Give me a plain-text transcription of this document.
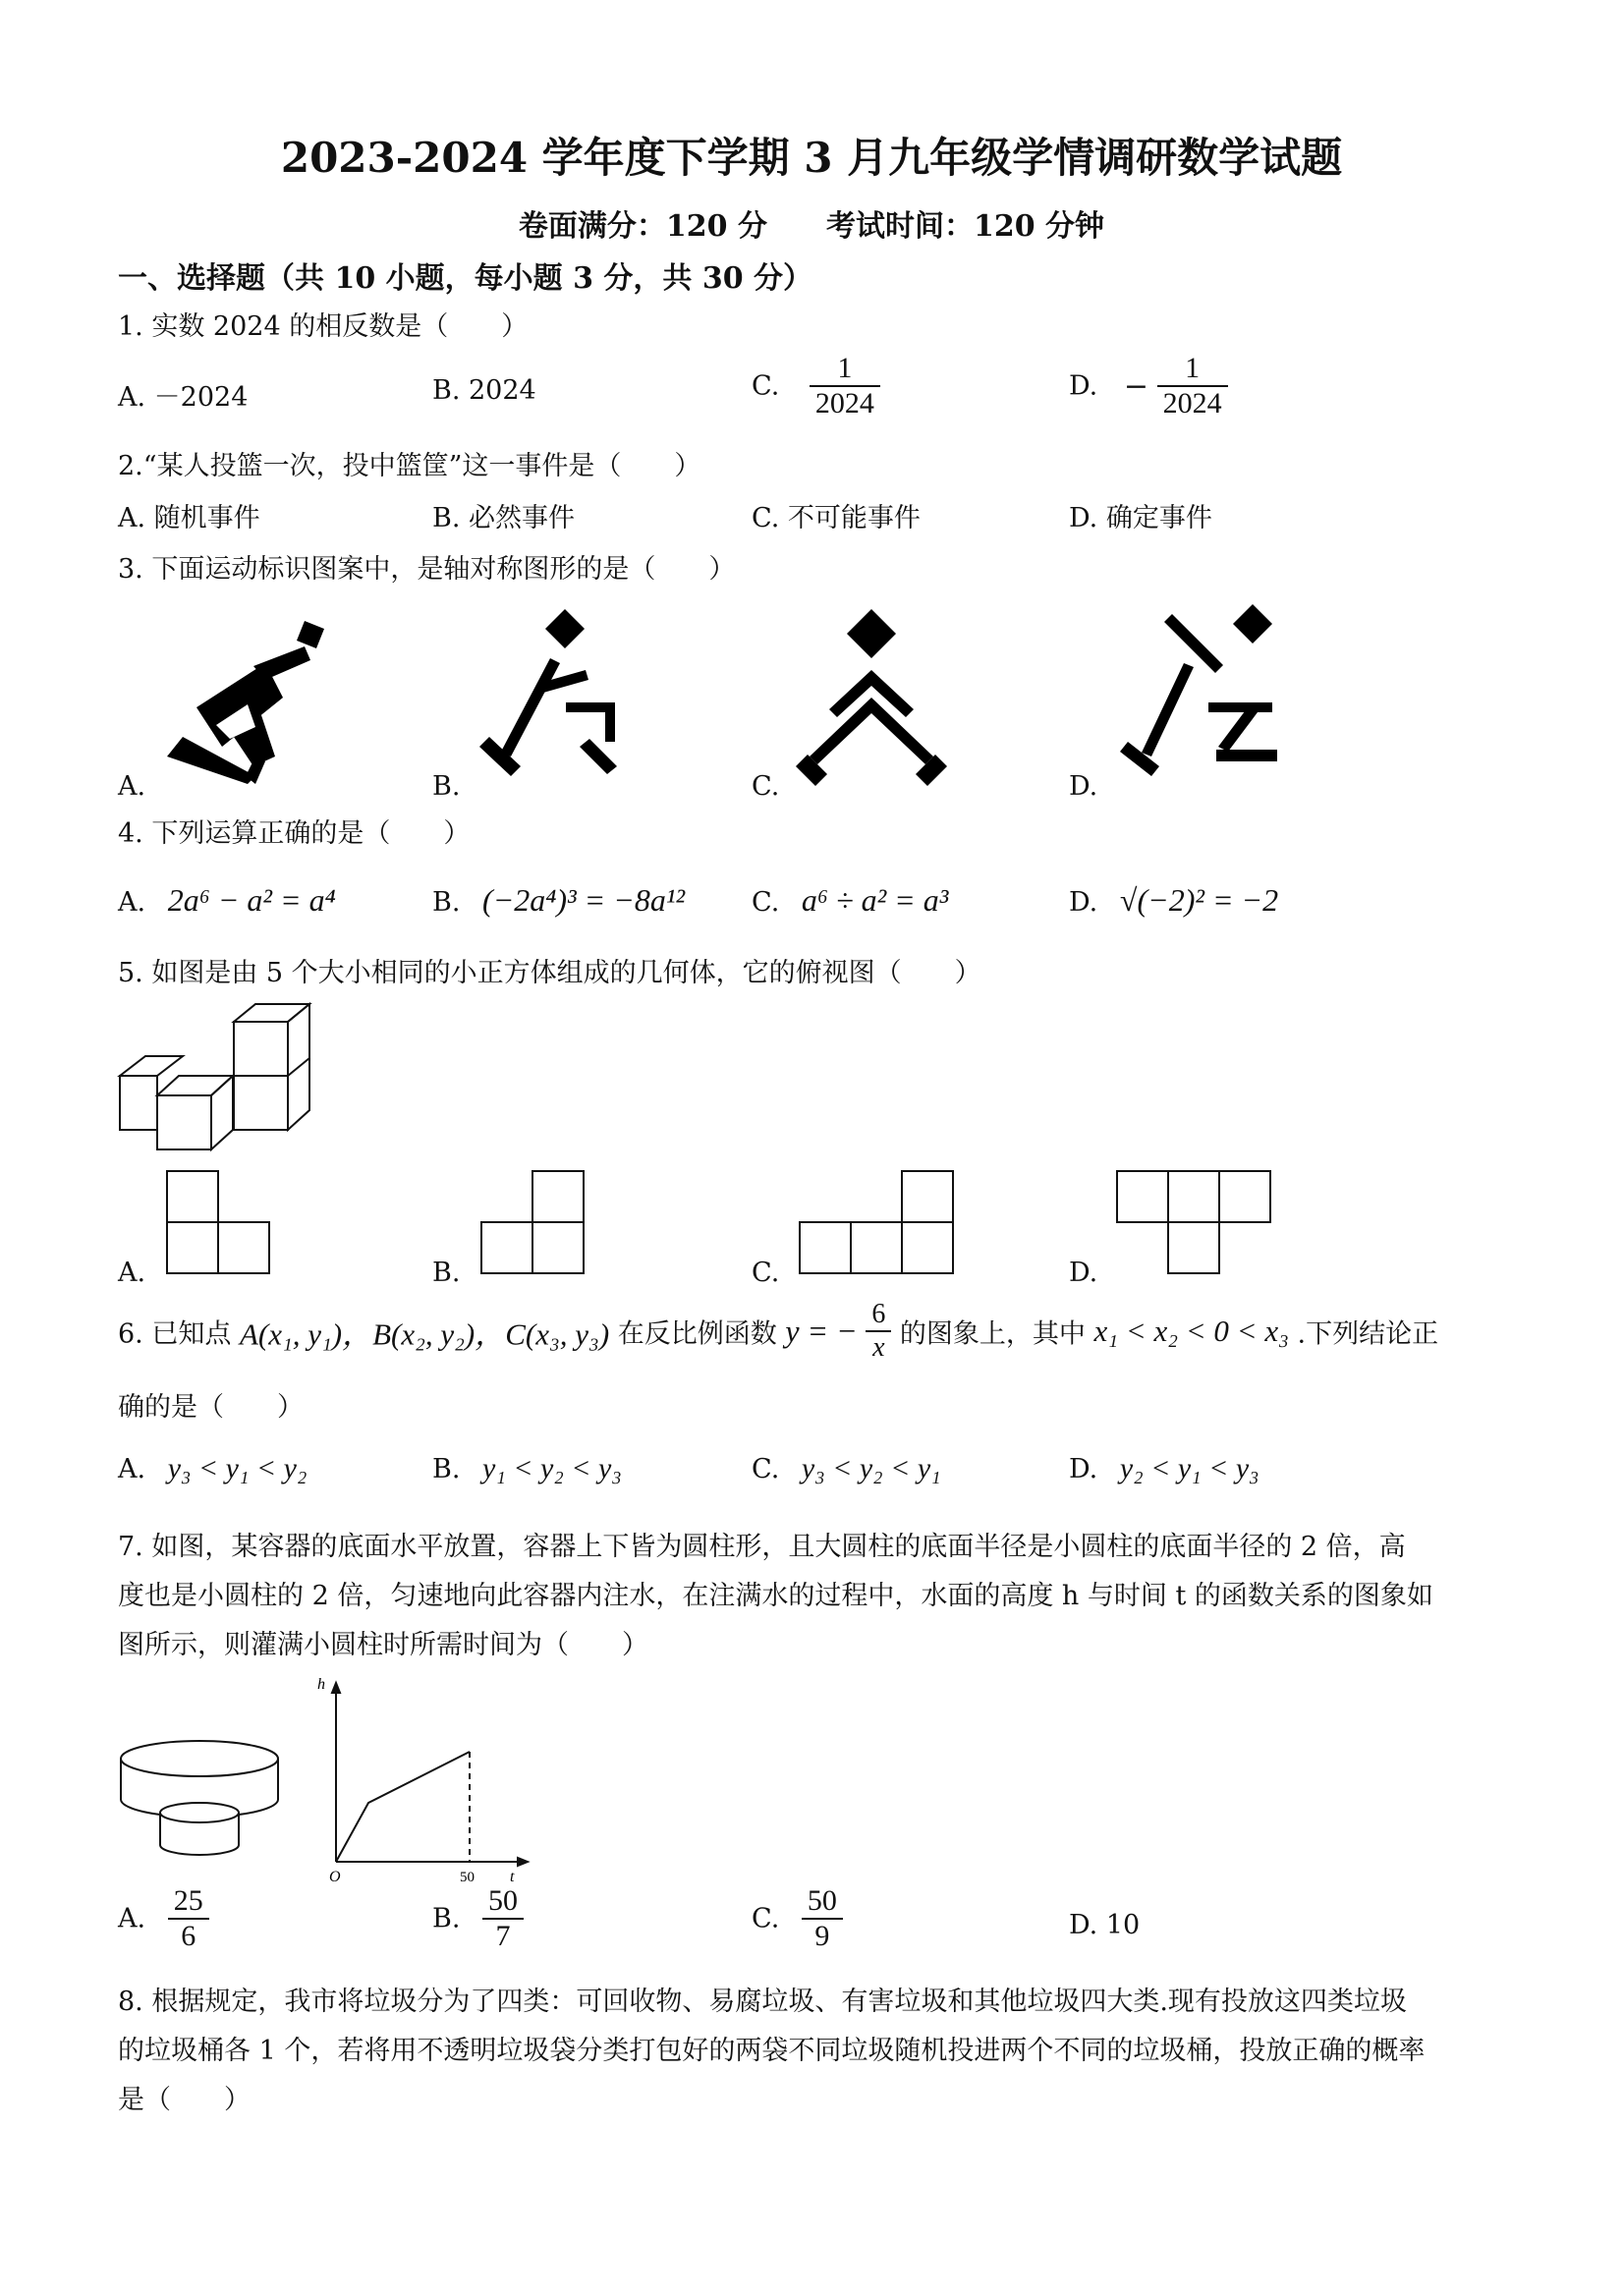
2023-2024 学年度下学期 3 月九年级学情调研数学试题
卷面满分：120 分　　考试时间：120 分钟
一、选择题（共 10 小题，每小题 3 分，共 30 分）
1. 实数 2024 的相反数是（　　）
A. －2024	B. 2024	C. $\frac{1}{2024}$	D. − $\frac{1}{2024}$
2.“某人投篮一次，投中篮筐”这一事件是（　　）
A. 随机事件	B. 必然事件	C. 不可能事件	D. 确定事件
3. 下面运动标识图案中，是轴对称图形的是（　　）
A.	B.	C.	D.
4. 下列运算正确的是（　　）
A. 2a⁶ − a² = a⁴	B. (−2a⁴)³ = −8a¹²	C. a⁶ ÷ a² = a³	D. √(−2)² = −2
5. 如图是由 5 个大小相同的小正方体组成的几何体，它的俯视图（　　）
A.	B.	C.	D.
6. 已知点 A(x₁, y₁)，B(x₂, y₂)，C(x₃, y₃) 在反比例函数 y = − $\frac{6}{x}$ 的图象上，其中 x₁ < x₂ < 0 < x₃ .下列结论正
确的是（　　）
A. y₃ < y₁ < y₂	B. y₁ < y₂ < y₃	C. y₃ < y₂ < y₁	D. y₂ < y₁ < y₃
7. 如图，某容器的底面水平放置，容器上下皆为圆柱形，且大圆柱的底面半径是小圆柱的底面半径的 2 倍，高
度也是小圆柱的 2 倍，匀速地向此容器内注水，在注满水的过程中，水面的高度 h 与时间 t 的函数关系的图象如
图所示，则灌满小圆柱时所需时间为（　　）
h
t
O	50
A. $\frac{25}{6}$	B. $\frac{50}{7}$	C. $\frac{50}{9}$	D. 10
8. 根据规定，我市将垃圾分为了四类：可回收物、易腐垃圾、有害垃圾和其他垃圾四大类.现有投放这四类垃圾
的垃圾桶各 1 个，若将用不透明垃圾袋分类打包好的两袋不同垃圾随机投进两个不同的垃圾桶，投放正确的概率
是（　　）
